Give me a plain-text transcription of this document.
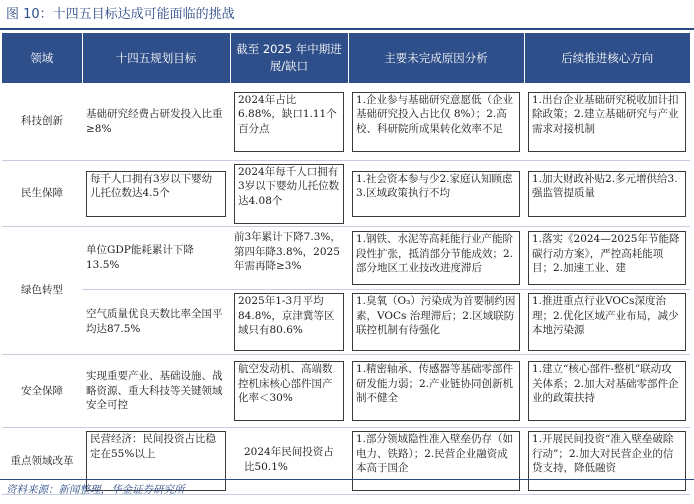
图 10：十四五目标达成可能面临的挑战
领域	十四五规划目标	截至 2025 年中期进展/缺口	主要未完成原因分析	后续推进核心方向
科技创新	基础研究经费占研发投入比重≥8%	2024年占比6.88%，缺口1.11个百分点	1.企业参与基础研究意愿低（企业基础研究投入占比仅 8%）；2.高校、科研院所成果转化效率不足	1.出台企业基础研究税收加计扣除政策；2.建立基础研究与产业需求对接机制

民生保障	每千人口拥有3岁以下婴幼儿托位数达4.5个	2024年每千人口拥有3岁以下婴幼儿托位数达4.08个	1.社会资本参与少2.家庭认知顾虑3.区域政策执行不均	1.加大财政补贴2.多元增供给3.强监管提质量

绿色转型	单位GDP能耗累计下降13.5%	前3年累计下降7.3%，第四年降3.8%，2025 年需再降≥3%	1.钢铁、水泥等高耗能行业产能阶段性扩张，抵消部分节能成效；2.部分地区工业技改进度滞后	1.落实《2024—2025年节能降碳行动方案》，严控高耗能项目；2.加速工业、建

	空气质量优良天数比率全国平均达87.5%	2025年1-3月平均84.8%，京津冀等区域只有80.6%	1.臭氧（O₃）污染成为首要制约因素，VOCs 治理滞后；2.区域联防联控机制有待强化	1.推进重点行业VOCs深度治理；2.优化区域产业布局，减少本地污染源

安全保障	实现重要产业、基础设施、战略资源、重大科技等关键领域安全可控	航空发动机、高端数控机床核心部件国产化率＜30%	1.精密轴承、传感器等基础零部件研发能力弱；2.产业链协同创新机制不健全	1.建立“核心部件-整机”联动攻关体系；2.加大对基础零部件企业的政策扶持

重点领域改革	民营经济：民间投资占比稳定在55%以上	2024年民间投资占比50.1%	1.部分领域隐性准入壁垒仍存（如电力、铁路）；2.民营企业融资成本高于国企	1.开展民间投资“准入壁垒破除行动”；2.加大对民营企业的信贷支持，降低融资
资料来源：新闻整理，华金证券研究所
